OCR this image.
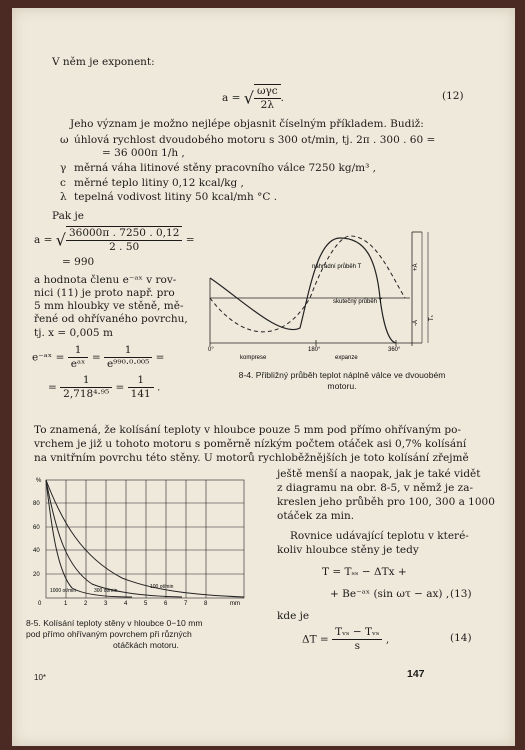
V něm je exponent:
a = √ $\frac{\text{ωγc}}{2\lambda}$ .	(12)
Jeho význam je možno nejlépe objasnit číselným příkladem. Budiž:
ω úhlová rychlost dvoudobého motoru s 300 ot/min, tj. 2π . 300 . 60 =
= 36 000π 1/h ,
γ měrná váha litinové stěny pracovního válce 7250 kg/m³ ,
c měrné teplo litiny 0,12 kcal/kg ,
λ tepelná vodivost litiny 50 kcal/mh °C .
Pak je
a = √ $\frac{36000\pi . 7250 . 0,12}{2 . 50}$ =
= 990
a hodnota členu e⁻ᵃˣ v rov-
nici (11) je proto např. pro
5 mm hloubky ve stěně, mě-
řené od ohřívaného povrchu,
tj. x = 0,005 m
e⁻ᵃˣ = $\frac{1}{\text{eᵃˣ}} = \frac{1}{\text{e⁹⁹⁰·⁰·⁰⁰⁵}}$ =
= $\frac{1}{\text{2,718⁴·⁹⁵}} = \frac{1}{141}$ .
náhradní průběh T
skutečný průběh T
0°	180°	360°
komprese	expanze
+A
-A
Tₛ
8-4. Přibližný průběh teplot náplně válce ve dvouobém
motoru.
To znamená, že kolísání teploty v hloubce pouze 5 mm pod přímo ohřívaným po-
vrchem je již u tohoto motoru s poměrně nízkým počtem otáček asi 0,7% kolísání
na vnitřním povrchu této stěny. U motorů rychloběžnějších je toto kolísání zřejmě
ještě menší a naopak, jak je také vidět
z diagramu na obr. 8-5, v němž je za-
kreslen jeho průběh pro 100, 300 a 1000
otáček za min.
Rovnice udávající teplotu v které-
koliv hloubce stěny je tedy
T = Tₛₛ − ΔTx +
+ Be⁻ᵃˣ (sin ωτ − ax) , (13)
kde je
$\Delta T = \frac{\text{Tᵥₛ − Tᵥₛ}}{s}$ ,	(14)
%
80
60
40
20
0	1	2	3	4	5	6	7	8	mm
1000 ot/min	300 ot/min
100 ot/min
8-5. Kolísání teploty stěny v hloubce 0−10 mm
pod přímo ohřívaným povrchem při různých
otáčkách motoru.
10*	147
